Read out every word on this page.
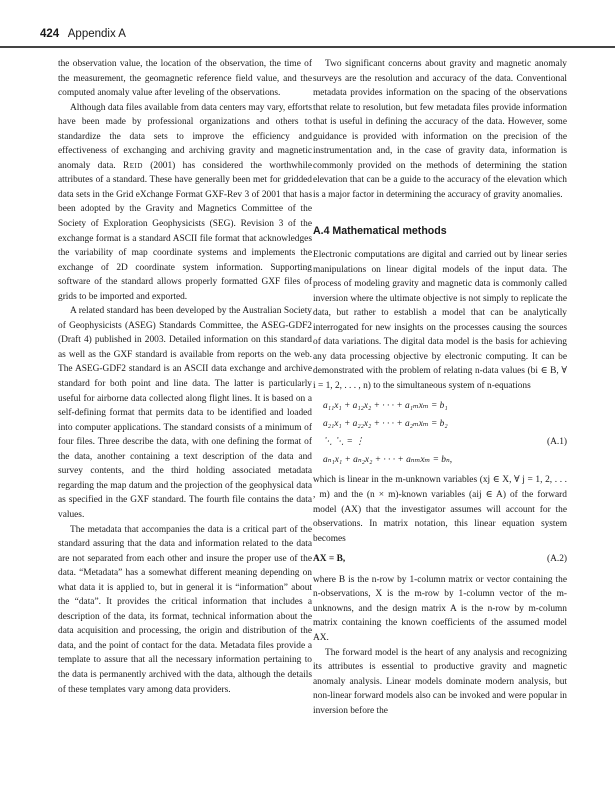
424 Appendix A

the observation value, the location of the observation, the time of the measurement, the geomagnetic reference field value, and the computed anomaly value after leveling of the observations.

Although data files available from data centers may vary, efforts have been made by professional organizations and others to standardize the data sets to improve the efficiency and effectiveness of exchanging and archiving gravity and magnetic anomaly data. Reid (2001) has considered the worthwhile attributes of a standard. These have generally been met for gridded data sets in the Grid eXchange Format GXF-Rev 3 of 2001 that has been adopted by the Gravity and Magnetics Committee of the Society of Exploration Geophysicists (SEG). Revision 3 of the exchange format is a standard ASCII file format that acknowledges the variability of map coordinate systems and implements the exchange of 2D coordinate system information. Supporting software of the standard allows properly formatted GXF files of grids to be imported and exported.

A related standard has been developed by the Australian Society of Geophysicists (ASEG) Standards Committee, the ASEG-GDF2 (Draft 4) published in 2003. Detailed information on this standard as well as the GXF standard is available from reports on the web. The ASEG-GDF2 standard is an ASCII data exchange and archive standard for both point and line data. The latter is particularly useful for airborne data collected along flight lines. It is based on a self-defining format that permits data to be identified and loaded into computer applications. The standard consists of a minimum of four files. Three describe the data, with one defining the format of the data, another containing a text description of the data and survey contents, and the third holding associated metadata regarding the map datum and the projection of the geophysical data as specified in the GXF standard. The fourth file contains the data values.

The metadata that accompanies the data is a critical part of the standard assuring that the data and information related to the data are not separated from each other and insure the proper use of the data. “Metadata” has a somewhat different meaning depending on what data it is applied to, but in general it is “information” about the “data”. It provides the critical information that includes a description of the data, its format, technical information about the data acquisition and processing, the origin and distribution of the data, and the point of contact for the data. Metadata files provide a template to assure that all the necessary information pertaining to the data is permanently archived with the data, although the details of these templates vary among data providers.

Two significant concerns about gravity and magnetic anomaly surveys are the resolution and accuracy of the data. Conventional metadata provides information on the spacing of the observations that relate to resolution, but few metadata files provide information that is useful in defining the accuracy of the data. However, some guidance is provided with information on the precision of the instrumentation and, in the case of gravity data, information is commonly provided on the methods of determining the station elevation that can be a guide to the accuracy of the elevation which is a major factor in determining the accuracy of gravity anomalies.

A.4 Mathematical methods

Electronic computations are digital and carried out by linear series manipulations on linear digital models of the input data. The process of modeling gravity and magnetic data is commonly called inversion where the ultimate objective is not simply to replicate the data, but rather to establish a model that can be analytically interrogated for new insights on the processes causing the sources of data variations. The digital data model is the basis for achieving any data processing objective by electronic computing. It can be demonstrated with the problem of relating n-data values (bi ∈ B, ∀ i = 1, 2, . . . , n) to the simultaneous system of n-equations

a₁₁x₁ + a₁₂x₂ + · · · + a₁ₘxₘ = b₁
a₂₁x₁ + a₂₂x₂ + · · · + a₂ₘxₘ = b₂
⋱ ⋱ = ⋮	(A.1)
aₙ₁x₁ + aₙ₂x₂ + · · · + aₙₘxₘ = bₙ,

which is linear in the m-unknown variables (xj ∈ X, ∀ j = 1, 2, . . . , m) and the (n × m)-known variables (aij ∈ A) of the forward model (AX) that the investigator assumes will account for the observations. In matrix notation, this linear equation system becomes

AX = B,	(A.2)

where B is the n-row by 1-column matrix or vector containing the n-observations, X is the m-row by 1-column vector of the m-unknowns, and the design matrix A is the n-row by m-column matrix containing the known coefficients of the assumed model AX.

The forward model is the heart of any analysis and recognizing its attributes is essential to productive gravity and magnetic anomaly analysis. Linear models dominate modern analysis, but non-linear forward models also can be invoked and were popular in inversion before the
